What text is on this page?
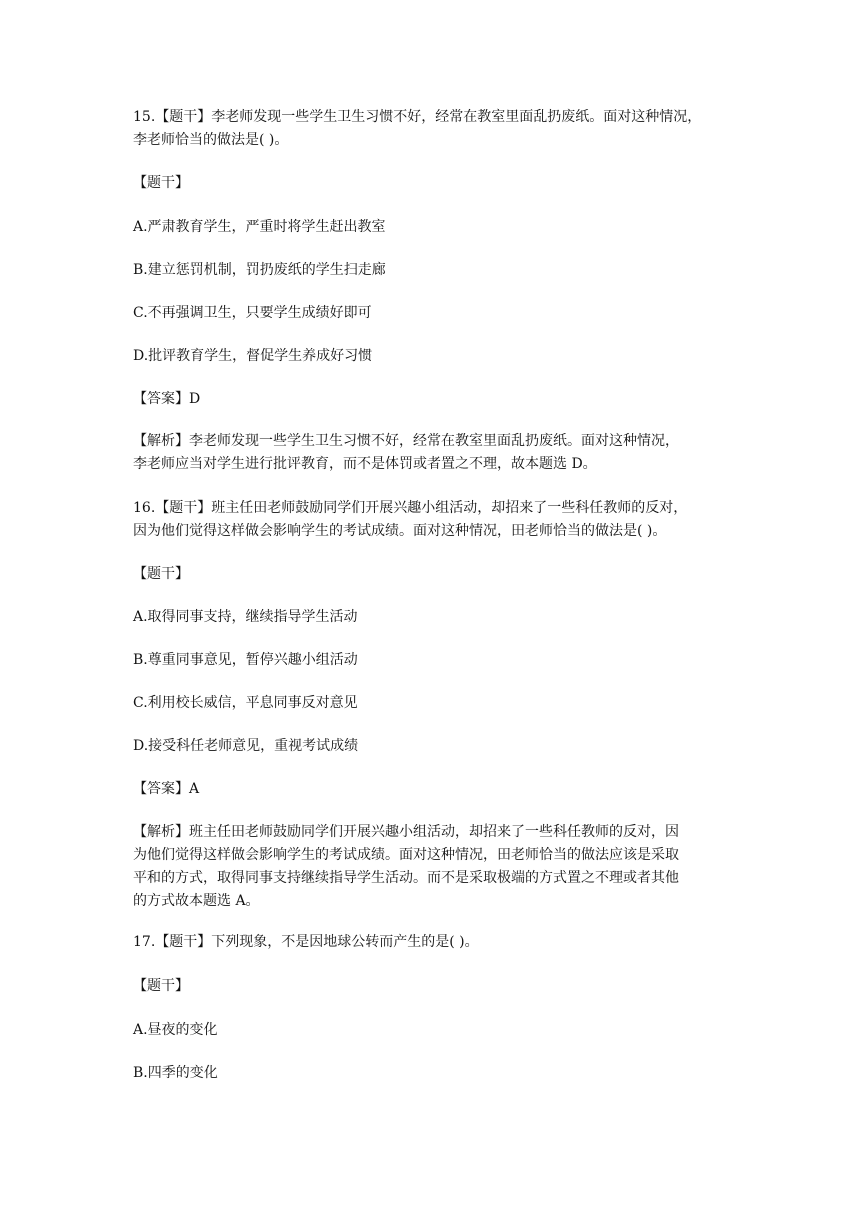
15.【题干】李老师发现一些学生卫生习惯不好，经常在教室里面乱扔废纸。面对这种情况，
李老师恰当的做法是( )。

【题干】

A.严肃教育学生，严重时将学生赶出教室

B.建立惩罚机制，罚扔废纸的学生扫走廊

C.不再强调卫生，只要学生成绩好即可

D.批评教育学生，督促学生养成好习惯

【答案】D

【解析】李老师发现一些学生卫生习惯不好，经常在教室里面乱扔废纸。面对这种情况，
李老师应当对学生进行批评教育，而不是体罚或者置之不理，故本题选 D。

16.【题干】班主任田老师鼓励同学们开展兴趣小组活动，却招来了一些科任教师的反对，
因为他们觉得这样做会影响学生的考试成绩。面对这种情况，田老师恰当的做法是( )。

【题干】

A.取得同事支持，继续指导学生活动

B.尊重同事意见，暂停兴趣小组活动

C.利用校长威信，平息同事反对意见

D.接受科任老师意见，重视考试成绩

【答案】A

【解析】班主任田老师鼓励同学们开展兴趣小组活动，却招来了一些科任教师的反对，因
为他们觉得这样做会影响学生的考试成绩。面对这种情况，田老师恰当的做法应该是采取
平和的方式，取得同事支持继续指导学生活动。而不是采取极端的方式置之不理或者其他
的方式故本题选 A。

17.【题干】下列现象，不是因地球公转而产生的是( )。

【题干】

A.昼夜的变化

B.四季的变化
